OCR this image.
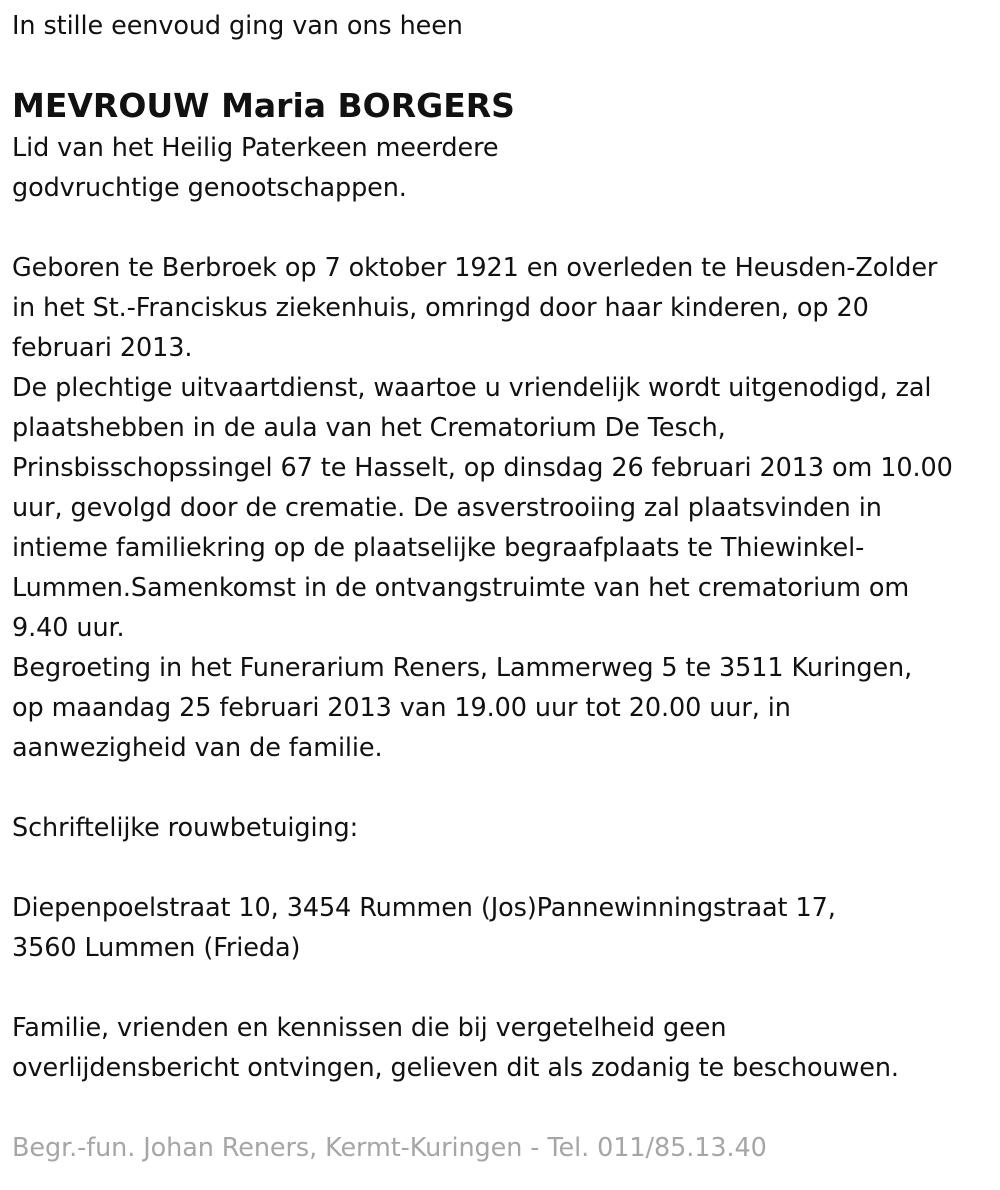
In stille eenvoud ging van ons heen
MEVROUW Maria BORGERS
Lid van het Heilig Paterkeen meerdere
godvruchtige genootschappen.
Geboren te Berbroek op 7 oktober 1921 en overleden te Heusden-Zolder
in het St.-Franciskus ziekenhuis, omringd door haar kinderen, op 20
februari 2013.
De plechtige uitvaartdienst, waartoe u vriendelijk wordt uitgenodigd, zal
plaatshebben in de aula van het Crematorium De Tesch,
Prinsbisschopssingel 67 te Hasselt, op dinsdag 26 februari 2013 om 10.00
uur, gevolgd door de crematie. De asverstrooiing zal plaatsvinden in
intieme familiekring op de plaatselijke begraafplaats te Thiewinkel-
Lummen.Samenkomst in de ontvangstruimte van het crematorium om
9.40 uur.
Begroeting in het Funerarium Reners, Lammerweg 5 te 3511 Kuringen,
op maandag 25 februari 2013 van 19.00 uur tot 20.00 uur, in
aanwezigheid van de familie.
Schriftelijke rouwbetuiging:
Diepenpoelstraat 10, 3454 Rummen (Jos)Pannewinningstraat 17,
3560 Lummen (Frieda)
Familie, vrienden en kennissen die bij vergetelheid geen
overlijdensbericht ontvingen, gelieven dit als zodanig te beschouwen.
Begr.-fun. Johan Reners, Kermt-Kuringen - Tel. 011/85.13.40
